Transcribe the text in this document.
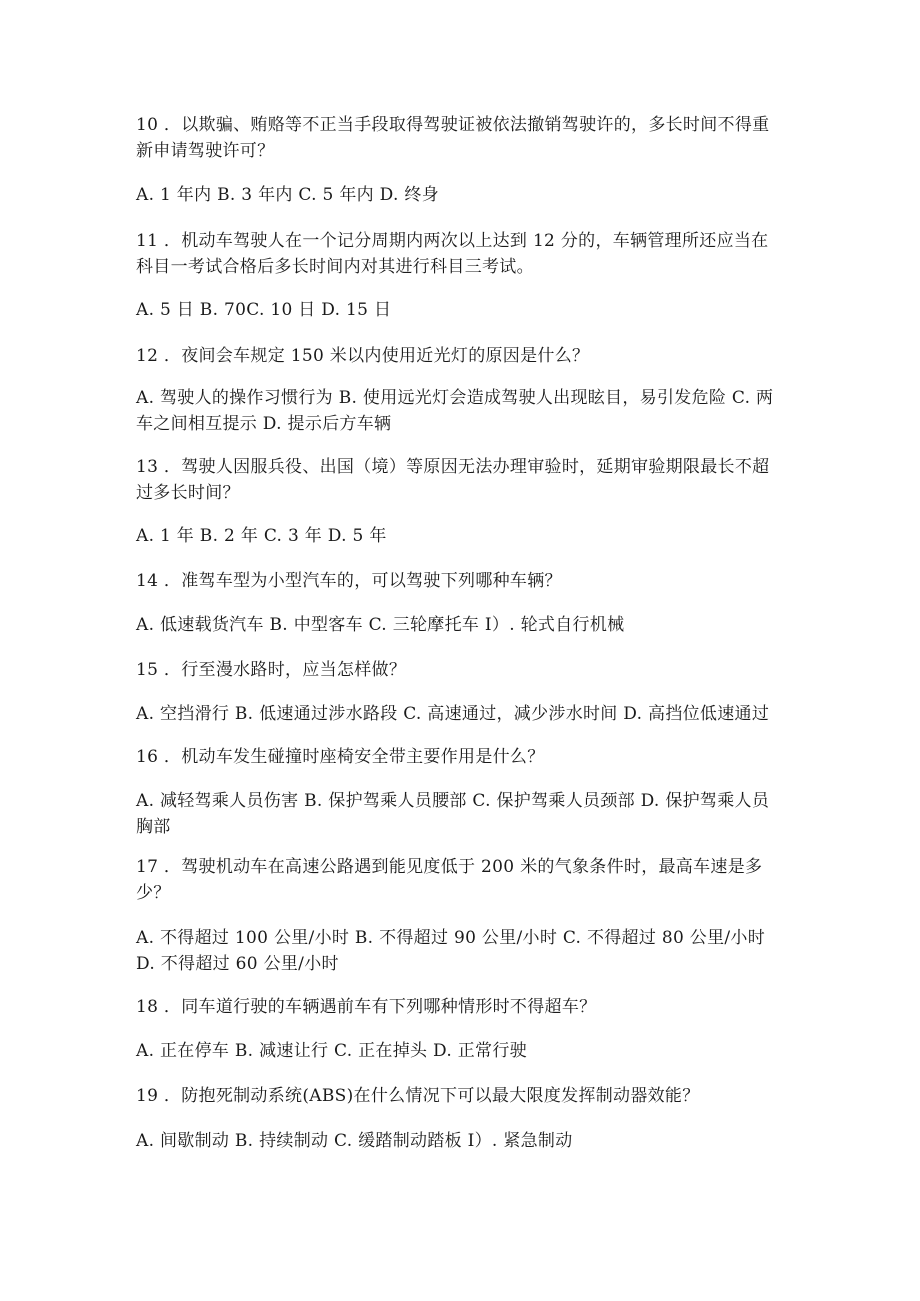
10 ．以欺骗、贿赂等不正当手段取得驾驶证被依法撤销驾驶许的，多长时间不得重新申请驾驶许可？

A. 1 年内 B. 3 年内 C. 5 年内 D. 终身

11 ．机动车驾驶人在一个记分周期内两次以上达到 12 分的，车辆管理所还应当在科目一考试合格后多长时间内对其进行科目三考试。

A. 5 日 B. 70C. 10 日 D. 15 日

12 ．夜间会车规定 150 米以内使用近光灯的原因是什么？

A. 驾驶人的操作习惯行为 B. 使用远光灯会造成驾驶人出现眩目，易引发危险 C. 两车之间相互提示 D. 提示后方车辆

13 ．驾驶人因服兵役、出国（境）等原因无法办理审验时，延期审验期限最长不超过多长时间？

A. 1 年 B. 2 年 C. 3 年 D. 5 年

14 ．准驾车型为小型汽车的，可以驾驶下列哪种车辆？

A. 低速载货汽车 B. 中型客车 C. 三轮摩托车 I）. 轮式自行机械

15 ．行至漫水路时，应当怎样做？

A. 空挡滑行 B. 低速通过涉水路段 C. 高速通过，减少涉水时间 D. 高挡位低速通过

16 ．机动车发生碰撞时座椅安全带主要作用是什么？

A. 减轻驾乘人员伤害 B. 保护驾乘人员腰部 C. 保护驾乘人员颈部 D. 保护驾乘人员胸部

17 ．驾驶机动车在高速公路遇到能见度低于 200 米的气象条件时，最高车速是多少？

A. 不得超过 100 公里/小时 B. 不得超过 90 公里/小时 C. 不得超过 80 公里/小时 D. 不得超过 60 公里/小时

18 ．同车道行驶的车辆遇前车有下列哪种情形时不得超车？

A. 正在停车 B. 减速让行 C. 正在掉头 D. 正常行驶

19 ．防抱死制动系统(ABS)在什么情况下可以最大限度发挥制动器效能？

A. 间歇制动 B. 持续制动 C. 缓踏制动踏板 I）. 紧急制动
